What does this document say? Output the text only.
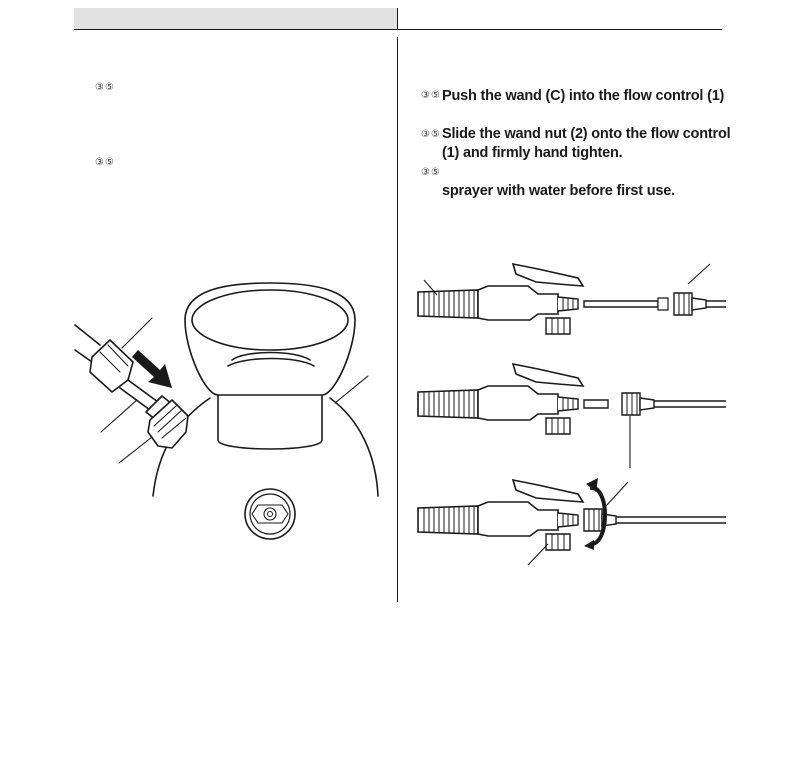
③⑤
③⑤
③⑤ Push the wand (C) into the flow control (1)
③⑤ Slide the wand nut (2) onto the flow control
(1) and firmly hand tighten.
③⑤
sprayer with water before first use.
